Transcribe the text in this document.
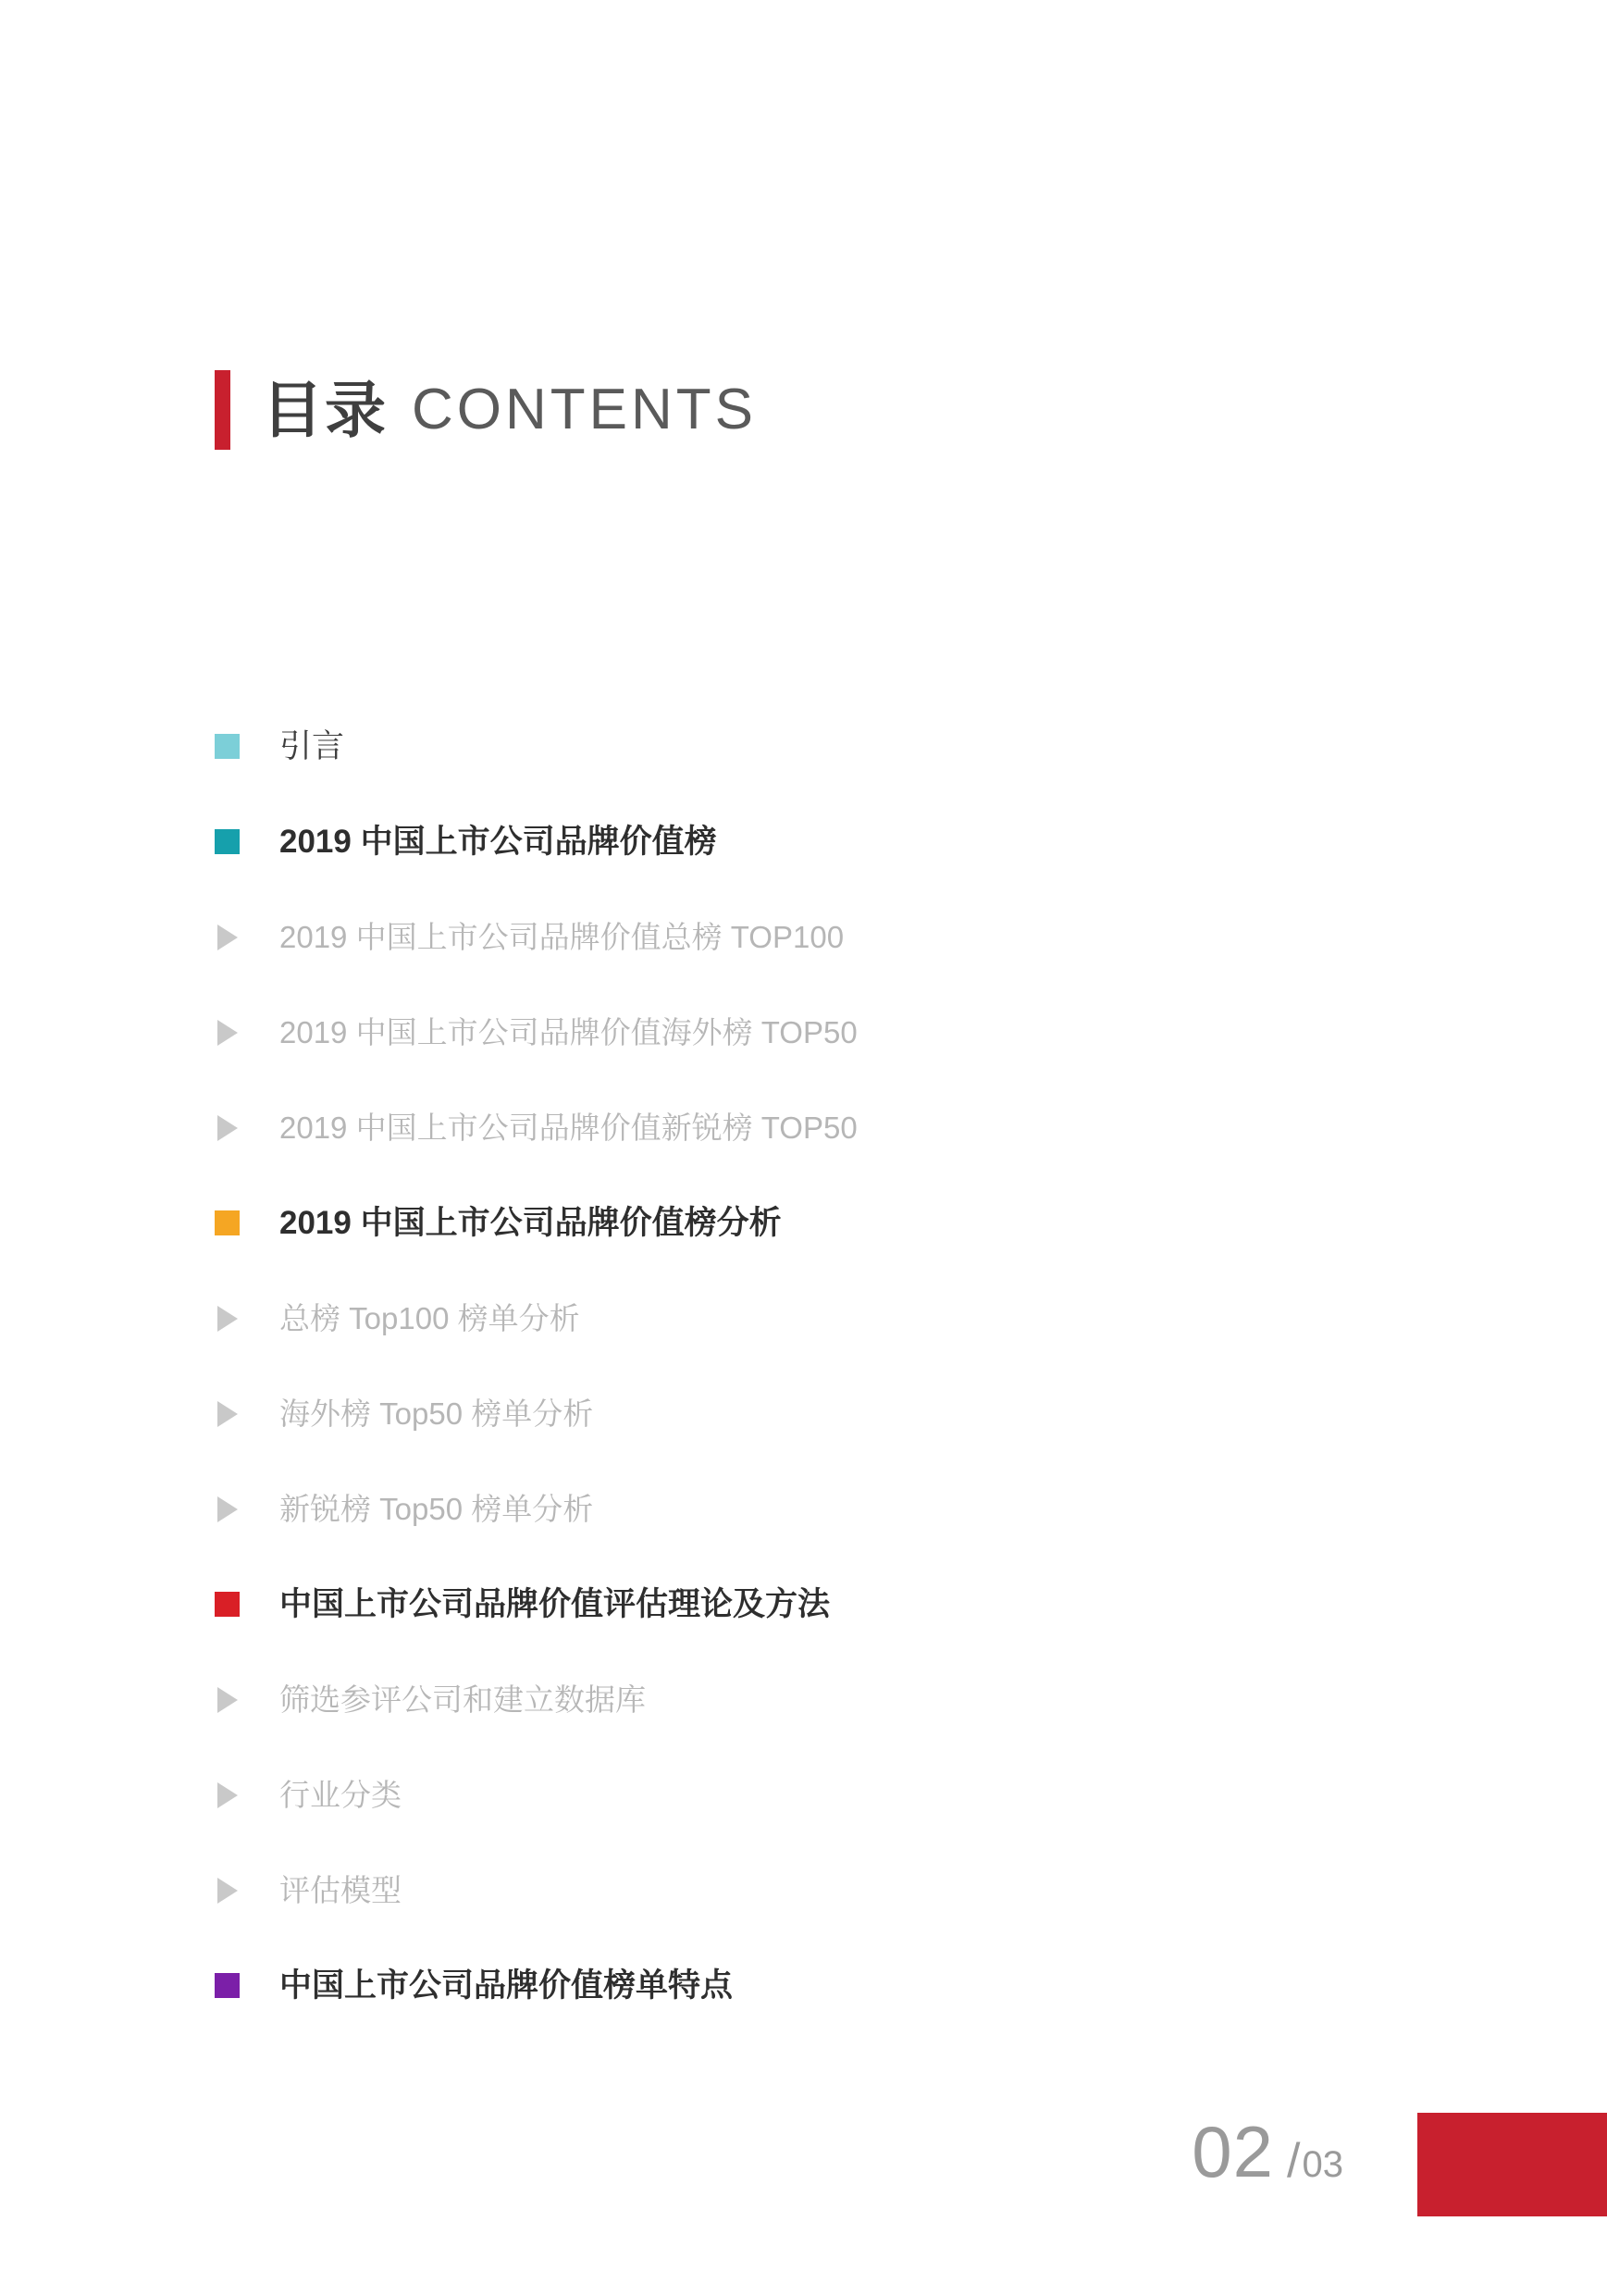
目录 CONTENTS
引言
2019 中国上市公司品牌价值榜
2019 中国上市公司品牌价值总榜 TOP100
2019 中国上市公司品牌价值海外榜 TOP50
2019 中国上市公司品牌价值新锐榜 TOP50
2019 中国上市公司品牌价值榜分析
总榜 Top100 榜单分析
海外榜 Top50 榜单分析
新锐榜 Top50 榜单分析
中国上市公司品牌价值评估理论及方法
筛选参评公司和建立数据库
行业分类
评估模型
中国上市公司品牌价值榜单特点
02 / 03
